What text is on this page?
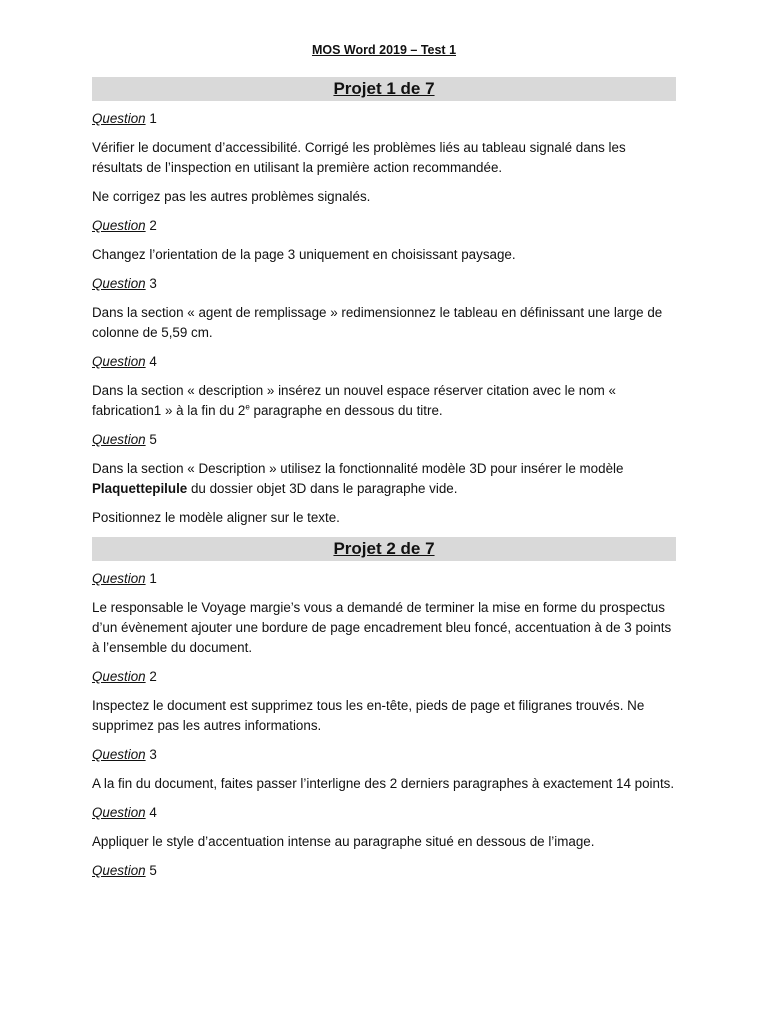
MOS Word 2019 – Test 1
Projet 1 de 7
Question 1
Vérifier le document d’accessibilité. Corrigé les problèmes liés au tableau signalé dans les résultats de l’inspection en utilisant la première action recommandée.
Ne corrigez pas les autres problèmes signalés.
Question 2
Changez l’orientation de la page 3 uniquement en choisissant paysage.
Question 3
Dans la section « agent de remplissage » redimensionnez le tableau en définissant une large de colonne de 5,59 cm.
Question 4
Dans la section « description » insérez un nouvel espace réserver citation avec le nom « fabrication1 » à la fin du 2e paragraphe en dessous du titre.
Question 5
Dans la section « Description » utilisez la fonctionnalité modèle 3D pour insérer le modèle Plaquettepilule du dossier objet 3D dans le paragraphe vide.
Positionnez le modèle aligner sur le texte.
Projet 2 de 7
Question 1
Le responsable le Voyage margie’s vous a demandé de terminer la mise en forme du prospectus d’un évènement ajouter une bordure de page encadrement bleu foncé, accentuation à de 3 points à l’ensemble du document.
Question 2
Inspectez le document est supprimez tous les en-tête, pieds de page et filigranes trouvés. Ne supprimez pas les autres informations.
Question 3
A la fin du document, faites passer l’interligne des 2 derniers paragraphes à exactement 14 points.
Question 4
Appliquer le style d’accentuation intense au paragraphe situé en dessous de l’image.
Question 5
